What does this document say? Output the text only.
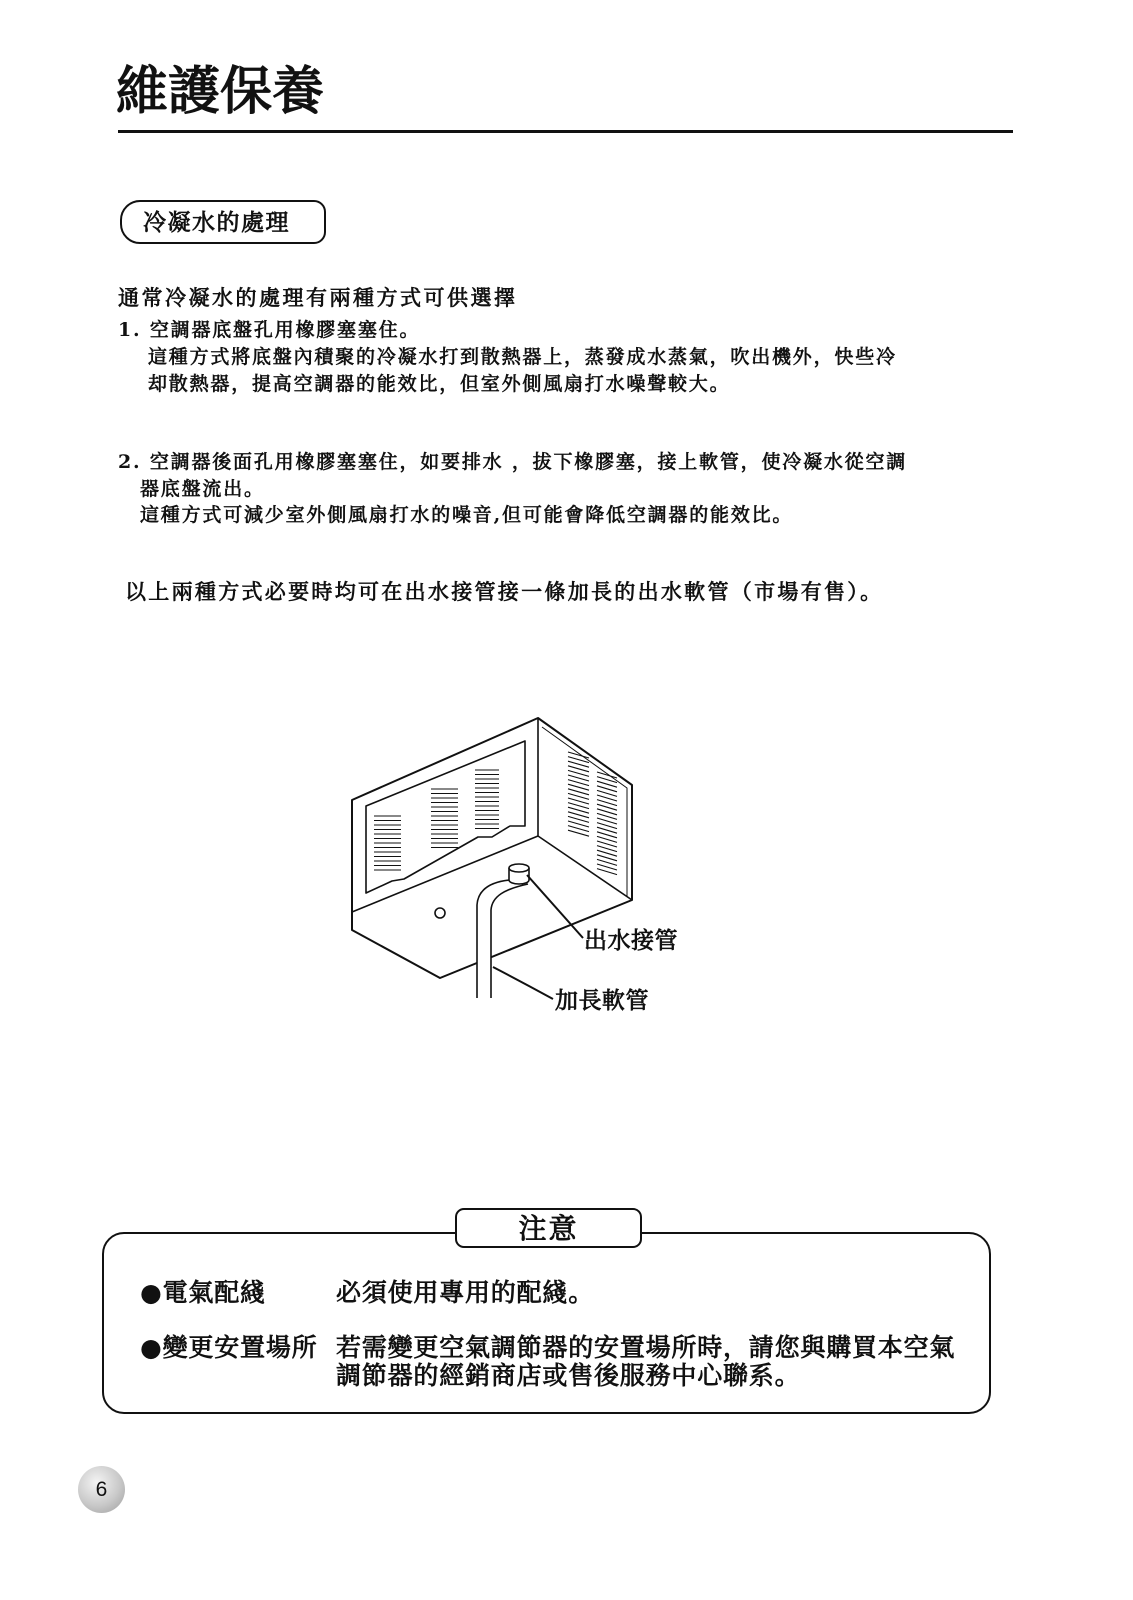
維護保養
冷凝水的處理
通常冷凝水的處理有兩種方式可供選擇
1. 空調器底盤孔用橡膠塞塞住。
這種方式將底盤內積聚的冷凝水打到散熱器上，蒸發成水蒸氣，吹出機外，快些冷
却散熱器，提高空調器的能效比，但室外側風扇打水噪聲較大。
2. 空調器後面孔用橡膠塞塞住，如要排水 ，拔下橡膠塞，接上軟管，使冷凝水從空調
器底盤流出。
這種方式可減少室外側風扇打水的噪音,但可能會降低空調器的能效比。
以上兩種方式必要時均可在出水接管接一條加長的出水軟管（市場有售）。
出水接管
加長軟管
注意
●電氣配綫	必須使用專用的配綫。
●變更安置場所 若需變更空氣調節器的安置場所時，請您與購買本空氣
調節器的經銷商店或售後服務中心聯系。
6
